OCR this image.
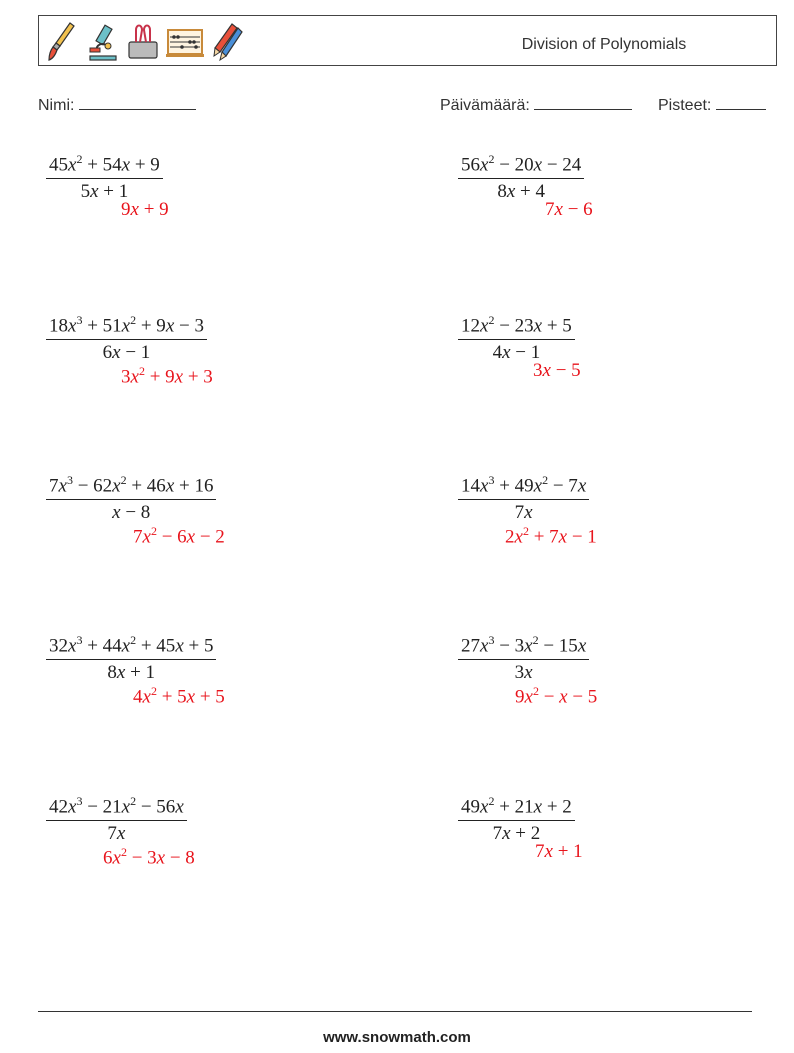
Division of Polynomials
Nimi:	Päivämäärä:	Pisteet:
$\frac{45x^2 + 54x + 9}{5x + 1}$
9x + 9
$\frac{56x^2 - 20x - 24}{8x + 4}$
7x − 6
$\frac{18x^3 + 51x^2 + 9x - 3}{6x - 1}$
$3x^2 + 9x + 3$
$\frac{12x^2 - 23x + 5}{4x - 1}$
3x − 5
$\frac{7x^3 - 62x^2 + 46x + 16}{x - 8}$
$7x^2 - 6x - 2$
$\frac{14x^3 + 49x^2 - 7x}{7x}$
$2x^2 + 7x - 1$
$\frac{32x^3 + 44x^2 + 45x + 5}{8x + 1}$
$4x^2 + 5x + 5$
$\frac{27x^3 - 3x^2 - 15x}{3x}$
$9x^2 - x - 5$
$\frac{42x^3 - 21x^2 - 56x}{7x}$
$6x^2 - 3x - 8$
$\frac{49x^2 + 21x + 2}{7x + 2}$
7x + 1
www.snowmath.com
